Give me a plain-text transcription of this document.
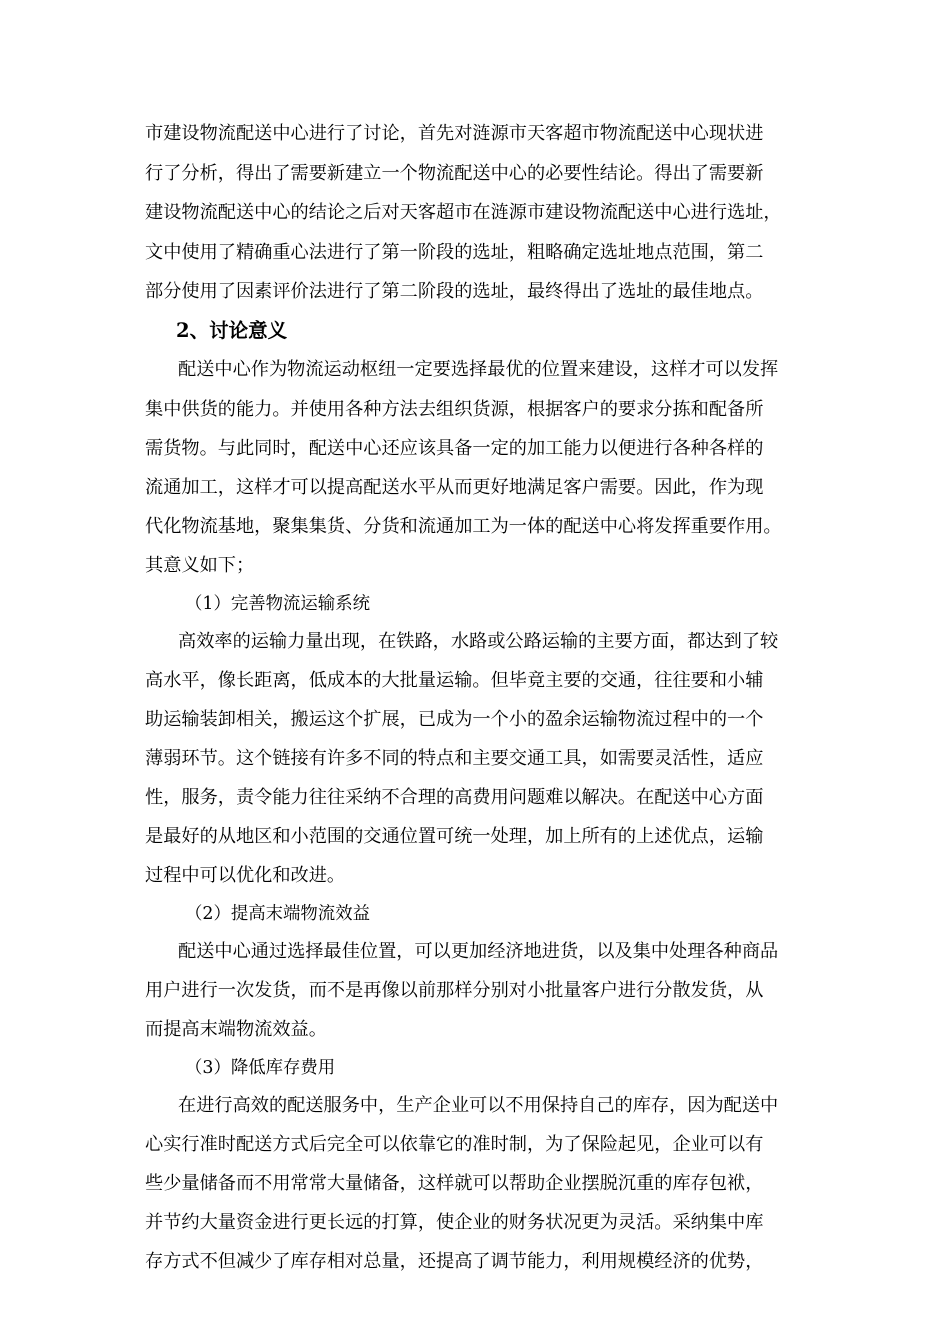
市建设物流配送中心进行了讨论，首先对涟源市天客超市物流配送中心现状进
行了分析，得出了需要新建立一个物流配送中心的必要性结论。得出了需要新
建设物流配送中心的结论之后对天客超市在涟源市建设物流配送中心进行选址，
文中使用了精确重心法进行了第一阶段的选址，粗略确定选址地点范围，第二
部分使用了因素评价法进行了第二阶段的选址，最终得出了选址的最佳地点。
2、讨论意义
配送中心作为物流运动枢纽一定要选择最优的位置来建设，这样才可以发挥
集中供货的能力。并使用各种方法去组织货源，根据客户的要求分拣和配备所
需货物。与此同时，配送中心还应该具备一定的加工能力以便进行各种各样的
流通加工，这样才可以提高配送水平从而更好地满足客户需要。因此，作为现
代化物流基地，聚集集货、分货和流通加工为一体的配送中心将发挥重要作用。
其意义如下；
（1）完善物流运输系统
高效率的运输力量出现，在铁路，水路或公路运输的主要方面，都达到了较
高水平，像长距离，低成本的大批量运输。但毕竟主要的交通，往往要和小辅
助运输装卸相关，搬运这个扩展，已成为一个小的盈余运输物流过程中的一个
薄弱环节。这个链接有许多不同的特点和主要交通工具，如需要灵活性，适应
性，服务，责令能力往往采纳不合理的高费用问题难以解决。在配送中心方面
是最好的从地区和小范围的交通位置可统一处理，加上所有的上述优点，运输
过程中可以优化和改进。
（2）提高末端物流效益
配送中心通过选择最佳位置，可以更加经济地进货，以及集中处理各种商品
用户进行一次发货，而不是再像以前那样分别对小批量客户进行分散发货，从
而提高末端物流效益。
（3）降低库存费用
在进行高效的配送服务中，生产企业可以不用保持自己的库存，因为配送中
心实行准时配送方式后完全可以依靠它的准时制，为了保险起见，企业可以有
些少量储备而不用常常大量储备，这样就可以帮助企业摆脱沉重的库存包袱，
并节约大量资金进行更长远的打算，使企业的财务状况更为灵活。采纳集中库
存方式不但减少了库存相对总量，还提高了调节能力，利用规模经济的优势，
